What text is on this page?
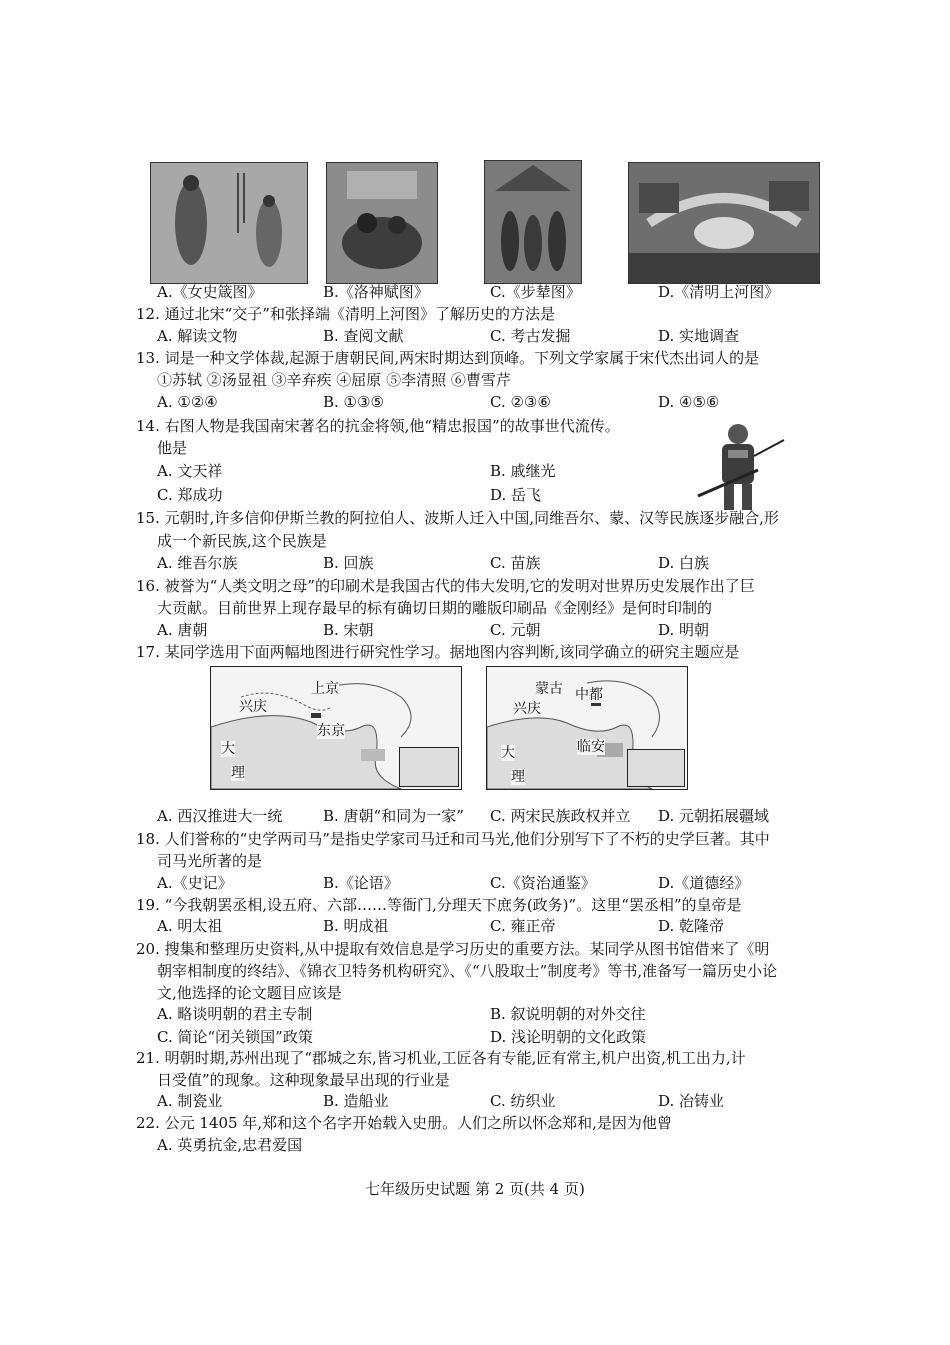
A.《女史箴图》	B.《洛神赋图》	C.《步辇图》	D.《清明上河图》
12. 通过北宋“交子”和张择端《清明上河图》了解历史的方法是
A. 解读文物	B. 查阅文献	C. 考古发掘	D. 实地调查
13. 词是一种文学体裁,起源于唐朝民间,两宋时期达到顶峰。下列文学家属于宋代杰出词人的是
①苏轼 ②汤显祖 ③辛弃疾 ④屈原 ⑤李清照 ⑥曹雪芹
A. ①②④	B. ①③⑤	C. ②③⑥	D. ④⑤⑥
14. 右图人物是我国南宋著名的抗金将领,他“精忠报国”的故事世代流传。
他是
A. 文天祥	B. 戚继光
C. 郑成功	D. 岳飞
15. 元朝时,许多信仰伊斯兰教的阿拉伯人、波斯人迁入中国,同维吾尔、蒙、汉等民族逐步融合,形
成一个新民族,这个民族是
A. 维吾尔族	B. 回族	C. 苗族	D. 白族
16. 被誉为“人类文明之母”的印刷术是我国古代的伟大发明,它的发明对世界历史发展作出了巨
大贡献。目前世界上现存最早的标有确切日期的雕版印刷品《金刚经》是何时印制的
A. 唐朝	B. 宋朝	C. 元朝	D. 明朝
17. 某同学选用下面两幅地图进行研究性学习。据地图内容判断,该同学确立的研究主题应是
上京
兴庆
东京
大
理
蒙古 中都
兴庆
临安
大
理
A. 西汉推进大一统	B. 唐朝“和同为一家” C. 两宋民族政权并立 D. 元朝拓展疆域
18. 人们誉称的“史学两司马”是指史学家司马迁和司马光,他们分别写下了不朽的史学巨著。其中
司马光所著的是
A.《史记》	B.《论语》	C.《资治通鉴》	D.《道德经》
19. “今我朝罢丞相,设五府、六部……等衙门,分理天下庶务(政务)”。这里“罢丞相”的皇帝是
A. 明太祖	B. 明成祖	C. 雍正帝	D. 乾隆帝
20. 搜集和整理历史资料,从中提取有效信息是学习历史的重要方法。某同学从图书馆借来了《明
朝宰相制度的终结》、《锦衣卫特务机构研究》、《“八股取士”制度考》等书,准备写一篇历史小论
文,他选择的论文题目应该是
A. 略谈明朝的君主专制	B. 叙说明朝的对外交往
C. 简论“闭关锁国”政策	D. 浅论明朝的文化政策
21. 明朝时期,苏州出现了“郡城之东,皆习机业,工匠各有专能,匠有常主,机户出资,机工出力,计
日受值”的现象。这种现象最早出现的行业是
A. 制瓷业	B. 造船业	C. 纺织业	D. 冶铸业
22. 公元 1405 年,郑和这个名字开始载入史册。人们之所以怀念郑和,是因为他曾
A. 英勇抗金,忠君爱国
七年级历史试题 第 2 页(共 4 页)
